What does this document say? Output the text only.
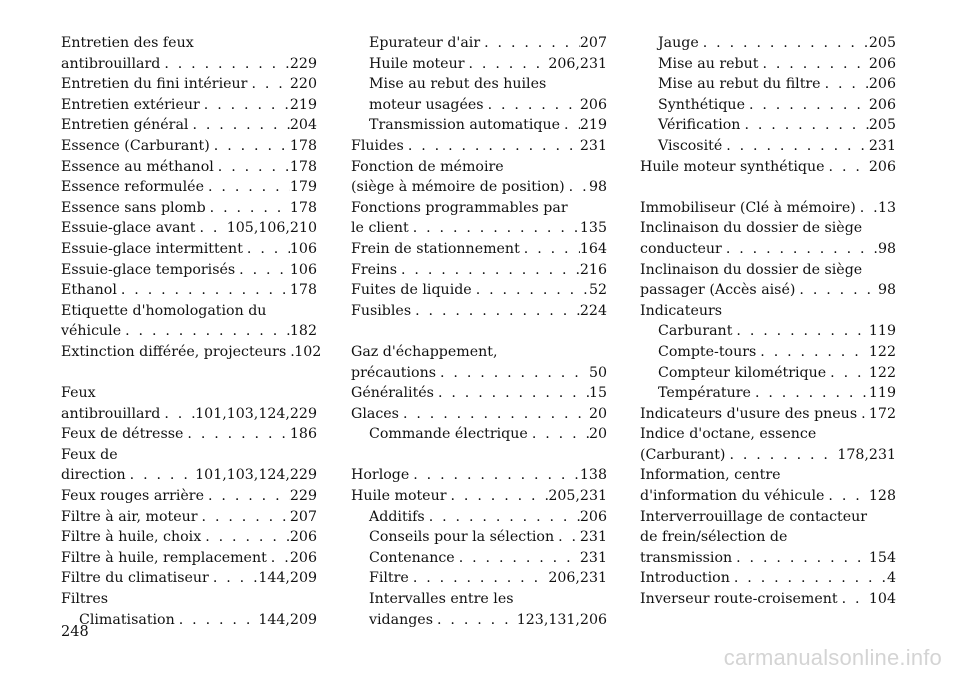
Entretien des feux
antibrouillard . . .	229
Entretien du fini intérieur . . .	220
Entretien extérieur . . .	219
Entretien général . . .	204
Essence (Carburant) . . .	178
Essence au méthanol . . .	178
Essence reformulée . . .	179
Essence sans plomb . . .	178
Essuie-glace avant . . . 105,106,210
Essuie-glace intermittent . . .	106
Essuie-glace temporisés . . .	106
Ethanol . . .	178
Etiquette d'homologation du
véhicule . . .	182
Extinction différée, projecteurs . . . 102
Feux
antibrouillard . . . 101,103,124,229
Feux de détresse . . .	186
Feux de
direction . . .	101,103,124,229
Feux rouges arrière . . .	229
Filtre à air, moteur . . .	207
Filtre à huile, choix . . .	206
Filtre à huile, remplacement . . . 206
Filtre du climatiseur . . .	144,209
Filtres
Climatisation . . .	144,209
Epurateur d'air . . .	207
Huile moteur . . .	206,231
Mise au rebut des huiles
moteur usagées . . .	206
Transmission automatique . . . 219
Fluides . . .	231
Fonction de mémoire
(siège à mémoire de position) . . . 98
Fonctions programmables par
le client . . .	135
Frein de stationnement . . .	164
Freins . . .	216
Fuites de liquide . . .	52
Fusibles . . .	224
Gaz d'échappement,
précautions . . .	50
Généralités . . .	15
Glaces . . .	20
Commande électrique . . .	20
Horloge . . .	138
Huile moteur . . .	205,231
Additifs . . .	206
Conseils pour la sélection . . . 231
Contenance . . .	231
Filtre . . .	206,231
Intervalles entre les
vidanges . . .	123,131,206
Jauge . . .	205
Mise au rebut . . .	206
Mise au rebut du filtre . . .	206
Synthétique . . .	206
Vérification . . .	205
Viscosité . . .	231
Huile moteur synthétique . . .	206
Immobiliseur (Clé à mémoire) . . . 13
Inclinaison du dossier de siège
conducteur . . .	98
Inclinaison du dossier de siège
passager (Accès aisé) . . .	98
Indicateurs
Carburant . . .	119
Compte-tours . . .	122
Compteur kilométrique . . .	122
Température . . .	119
Indicateurs d'usure des pneus . . . 172
Indice d'octane, essence
(Carburant) . . .	178,231
Information, centre
d'information du véhicule . . .	128
Interverrouillage de contacteur
de frein/sélection de
transmission . . .	154
Introduction . . .	4
Inverseur route-croisement . . . 104
248
carmanualsonline.info
